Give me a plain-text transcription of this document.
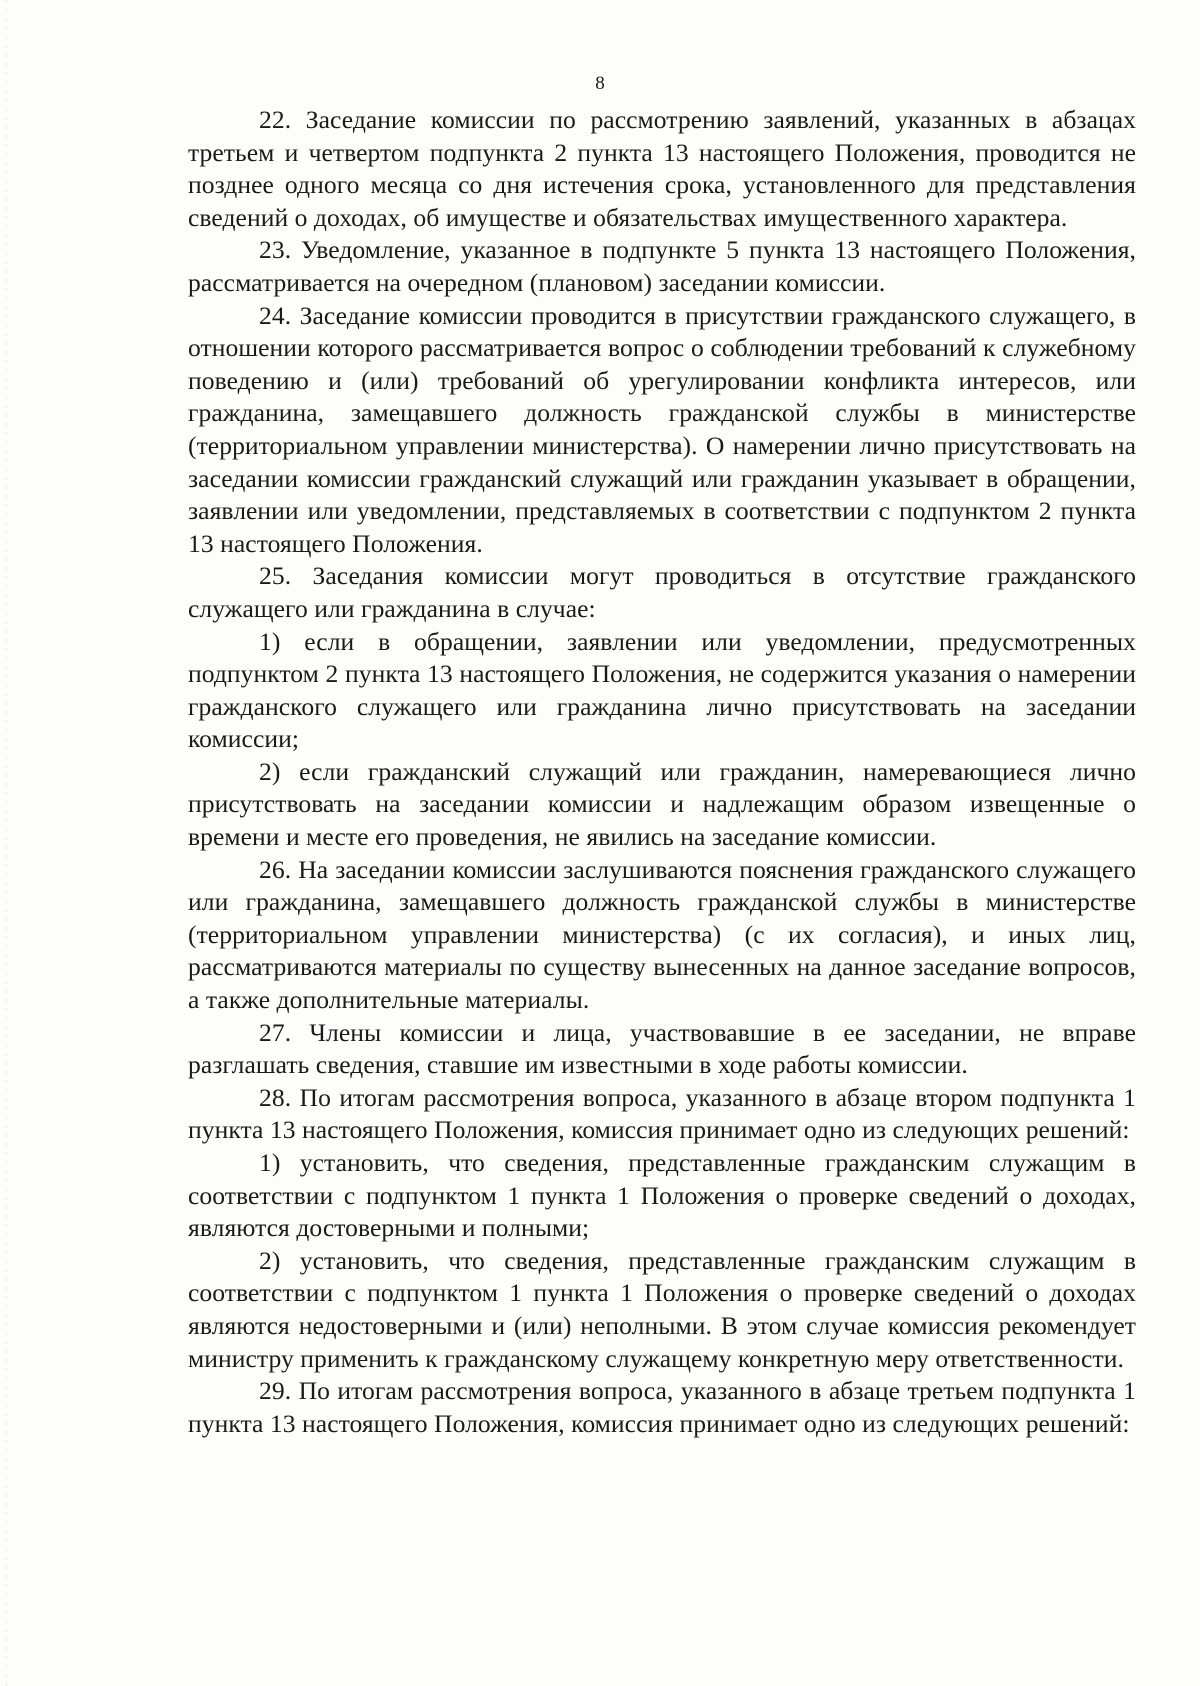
8

22. Заседание комиссии по рассмотрению заявлений, указанных в абзацах третьем и четвертом подпункта 2 пункта 13 настоящего Положения, проводится не позднее одного месяца со дня истечения срока, установленного для представления сведений о доходах, об имуществе и обязательствах имущественного характера.

23. Уведомление, указанное в подпункте 5 пункта 13 настоящего Положения, рассматривается на очередном (плановом) заседании комиссии.

24. Заседание комиссии проводится в присутствии гражданского служащего, в отношении которого рассматривается вопрос о соблюдении требований к служебному поведению и (или) требований об урегулировании конфликта интересов, или гражданина, замещавшего должность гражданской службы в министерстве (территориальном управлении министерства). О намерении лично присутствовать на заседании комиссии гражданский служащий или гражданин указывает в обращении, заявлении или уведомлении, представляемых в соответствии с подпунктом 2 пункта 13 настоящего Положения.

25. Заседания комиссии могут проводиться в отсутствие гражданского служащего или гражданина в случае:

1) если в обращении, заявлении или уведомлении, предусмотренных подпунктом 2 пункта 13 настоящего Положения, не содержится указания о намерении гражданского служащего или гражданина лично присутствовать на заседании комиссии;

2) если гражданский служащий или гражданин, намеревающиеся лично присутствовать на заседании комиссии и надлежащим образом извещенные о времени и месте его проведения, не явились на заседание комиссии.

26. На заседании комиссии заслушиваются пояснения гражданского служащего или гражданина, замещавшего должность гражданской службы в министерстве (территориальном управлении министерства) (с их согласия), и иных лиц, рассматриваются материалы по существу вынесенных на данное заседание вопросов, а также дополнительные материалы.

27. Члены комиссии и лица, участвовавшие в ее заседании, не вправе разглашать сведения, ставшие им известными в ходе работы комиссии.

28. По итогам рассмотрения вопроса, указанного в абзаце втором подпункта 1 пункта 13 настоящего Положения, комиссия принимает одно из следующих решений:

1) установить, что сведения, представленные гражданским служащим в соответствии с подпунктом 1 пункта 1 Положения о проверке сведений о доходах, являются достоверными и полными;

2) установить, что сведения, представленные гражданским служащим в соответствии с подпунктом 1 пункта 1 Положения о проверке сведений о доходах являются недостоверными и (или) неполными. В этом случае комиссия рекомендует министру применить к гражданскому служащему конкретную меру ответственности.

29. По итогам рассмотрения вопроса, указанного в абзаце третьем подпункта 1 пункта 13 настоящего Положения, комиссия принимает одно из следующих решений:
